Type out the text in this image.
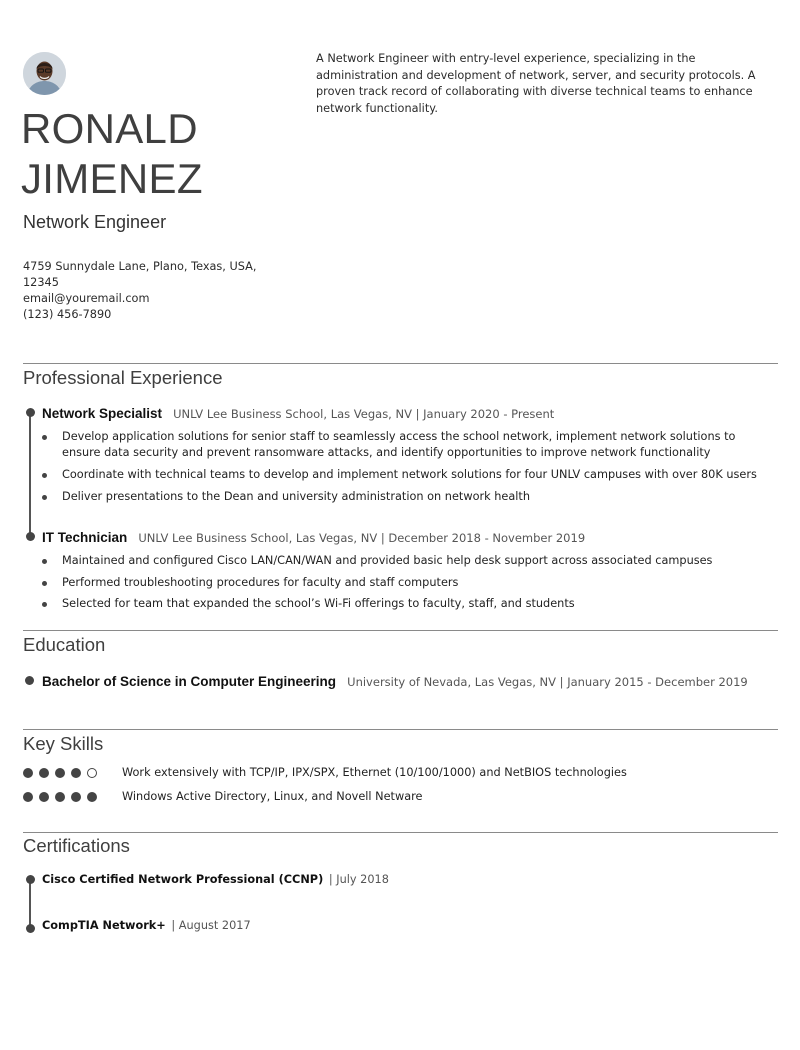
A Network Engineer with entry-level experience, specializing in the administration and development of network, server, and security protocols. A proven track record of collaborating with diverse technical teams to enhance network functionality.
RONALD JIMENEZ
Network Engineer
4759 Sunnydale Lane, Plano, Texas, USA, 12345
email@youremail.com
(123) 456-7890
Professional Experience
Network Specialist UNLV Lee Business School, Las Vegas, NV | January 2020 - Present
Develop application solutions for senior staff to seamlessly access the school network, implement network solutions to ensure data security and prevent ransomware attacks, and identify opportunities to improve network functionality
Coordinate with technical teams to develop and implement network solutions for four UNLV campuses with over 80K users
Deliver presentations to the Dean and university administration on network health
IT Technician UNLV Lee Business School, Las Vegas, NV | December 2018 - November 2019
Maintained and configured Cisco LAN/CAN/WAN and provided basic help desk support across associated campuses
Performed troubleshooting procedures for faculty and staff computers
Selected for team that expanded the school’s Wi-Fi offerings to faculty, staff, and students
Education
Bachelor of Science in Computer Engineering University of Nevada, Las Vegas, NV | January 2015 - December 2019
Key Skills
Work extensively with TCP/IP, IPX/SPX, Ethernet (10/100/1000) and NetBIOS technologies
Windows Active Directory, Linux, and Novell Netware
Certifications
Cisco Certified Network Professional (CCNP) | July 2018
CompTIA Network+ | August 2017
